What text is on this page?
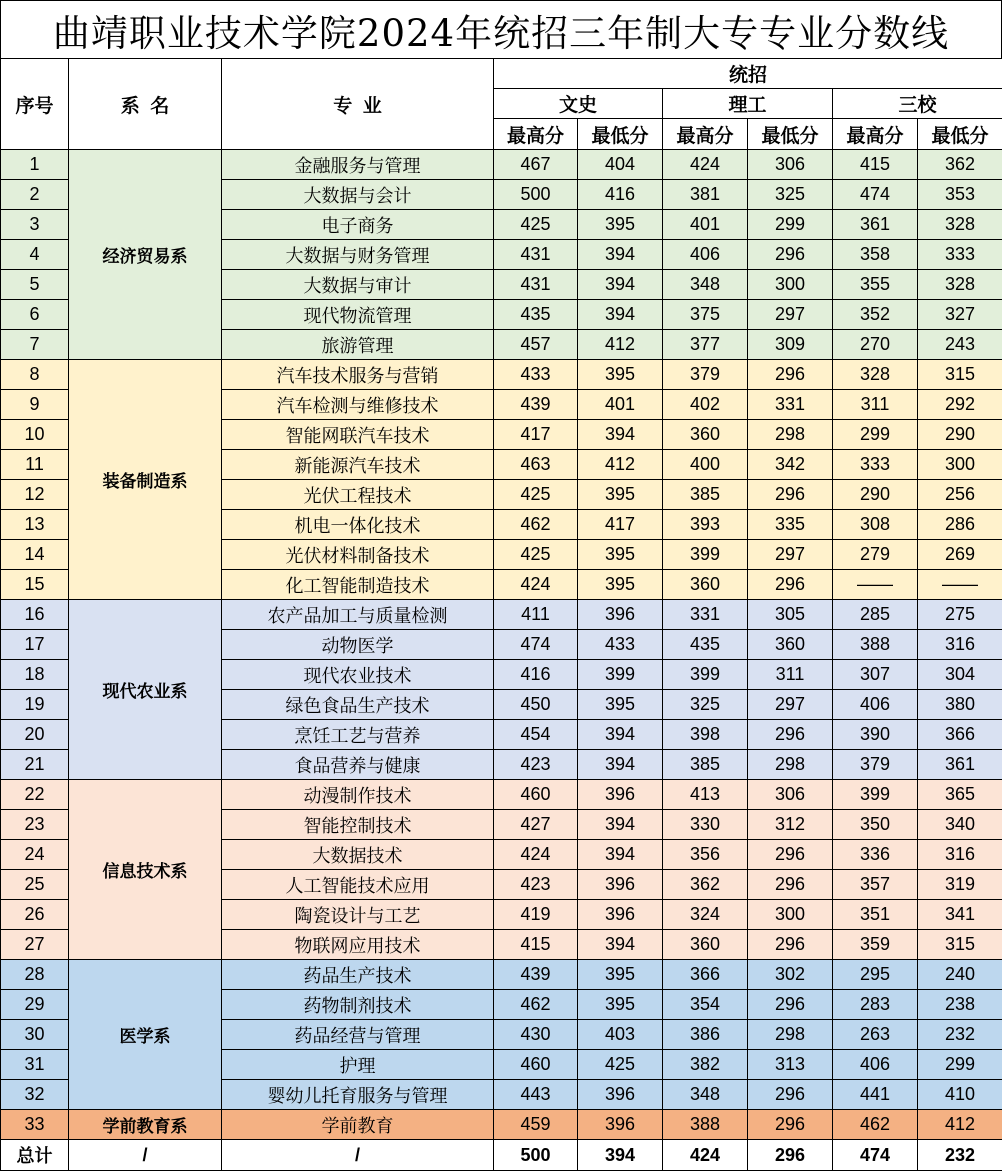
曲靖职业技术学院2024年统招三年制大专专业分数线
序号	系  名	专  业	统招					
			文史		理工		三校	
			最高分	最低分	最高分	最低分	最高分	最低分
1	经济贸易系	金融服务与管理	467	404	424	306	415	362
2		大数据与会计	500	416	381	325	474	353
3		电子商务	425	395	401	299	361	328
4		大数据与财务管理	431	394	406	296	358	333
5		大数据与审计	431	394	348	300	355	328
6		现代物流管理	435	394	375	297	352	327
7		旅游管理	457	412	377	309	270	243
8	装备制造系	汽车技术服务与营销	433	395	379	296	328	315
9		汽车检测与维修技术	439	401	402	331	311	292
10		智能网联汽车技术	417	394	360	298	299	290
11		新能源汽车技术	463	412	400	342	333	300
12		光伏工程技术	425	395	385	296	290	256
13		机电一体化技术	462	417	393	335	308	286
14		光伏材料制备技术	425	395	399	297	279	269
15		化工智能制造技术	424	395	360	296	——	——
16	现代农业系	农产品加工与质量检测	411	396	331	305	285	275
17		动物医学	474	433	435	360	388	316
18		现代农业技术	416	399	399	311	307	304
19		绿色食品生产技术	450	395	325	297	406	380
20		烹饪工艺与营养	454	394	398	296	390	366
21		食品营养与健康	423	394	385	298	379	361
22	信息技术系	动漫制作技术	460	396	413	306	399	365
23		智能控制技术	427	394	330	312	350	340
24		大数据技术	424	394	356	296	336	316
25		人工智能技术应用	423	396	362	296	357	319
26		陶瓷设计与工艺	419	396	324	300	351	341
27		物联网应用技术	415	394	360	296	359	315
28	医学系	药品生产技术	439	395	366	302	295	240
29		药物制剂技术	462	395	354	296	283	238
30		药品经营与管理	430	403	386	298	263	232
31		护理	460	425	382	313	406	299
32		婴幼儿托育服务与管理	443	396	348	296	441	410
33	学前教育系	学前教育	459	396	388	296	462	412
总计	/	/	500	394	424	296	474	232
